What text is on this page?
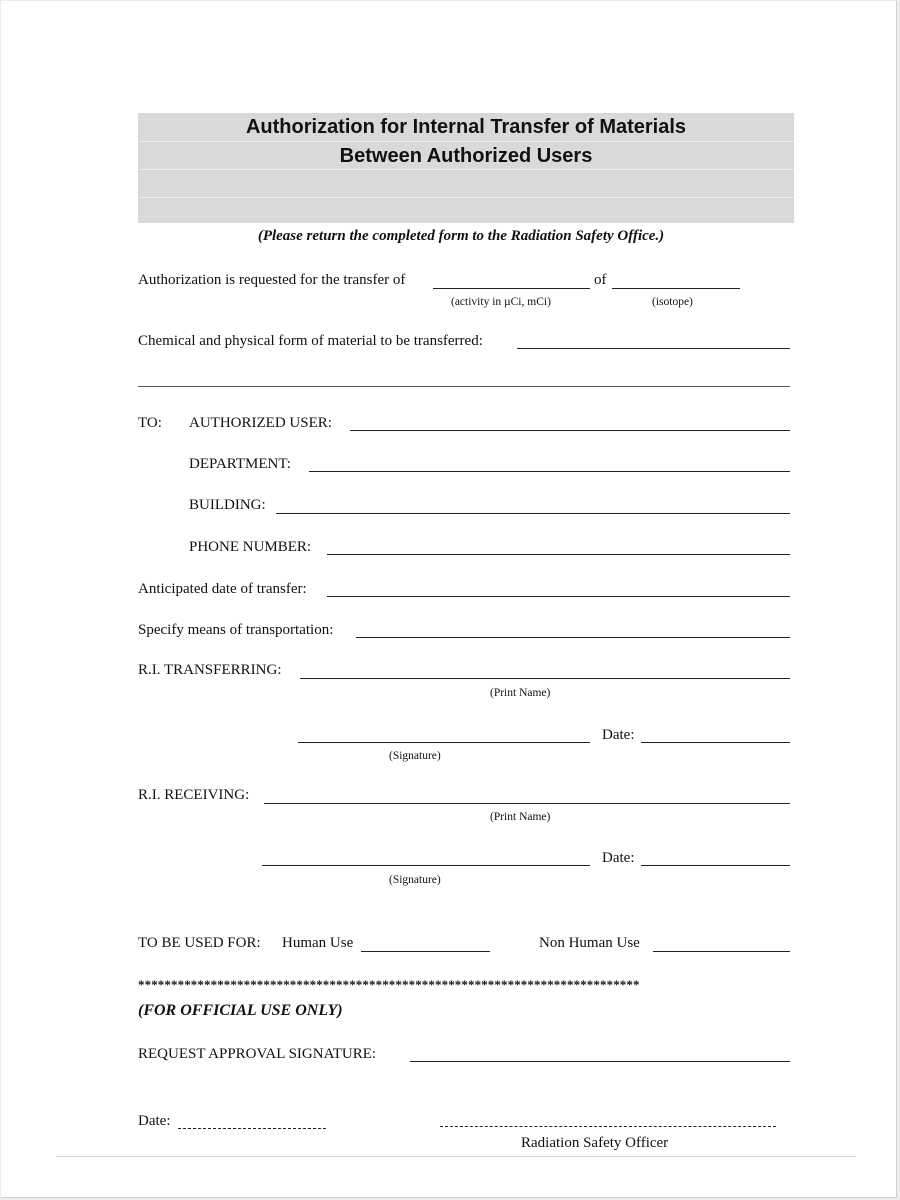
Authorization for Internal Transfer of Materials
Between Authorized Users
(Please return the completed form to the Radiation Safety Office.)
Authorization is requested for the transfer of	of
(activity in µCi, mCi)	(isotope)
Chemical and physical form of material to be transferred:
TO: AUTHORIZED USER:
DEPARTMENT:
BUILDING:
PHONE NUMBER:
Anticipated date of transfer:
Specify means of transportation:
R.I. TRANSFERRING:
(Print Name)
Date:
(Signature)
R.I. RECEIVING:
(Print Name)
Date:
(Signature)
TO BE USED FOR: Human Use	Non Human Use
****************************************************************************
(FOR OFFICIAL USE ONLY)
REQUEST APPROVAL SIGNATURE:
Date:
Radiation Safety Officer
